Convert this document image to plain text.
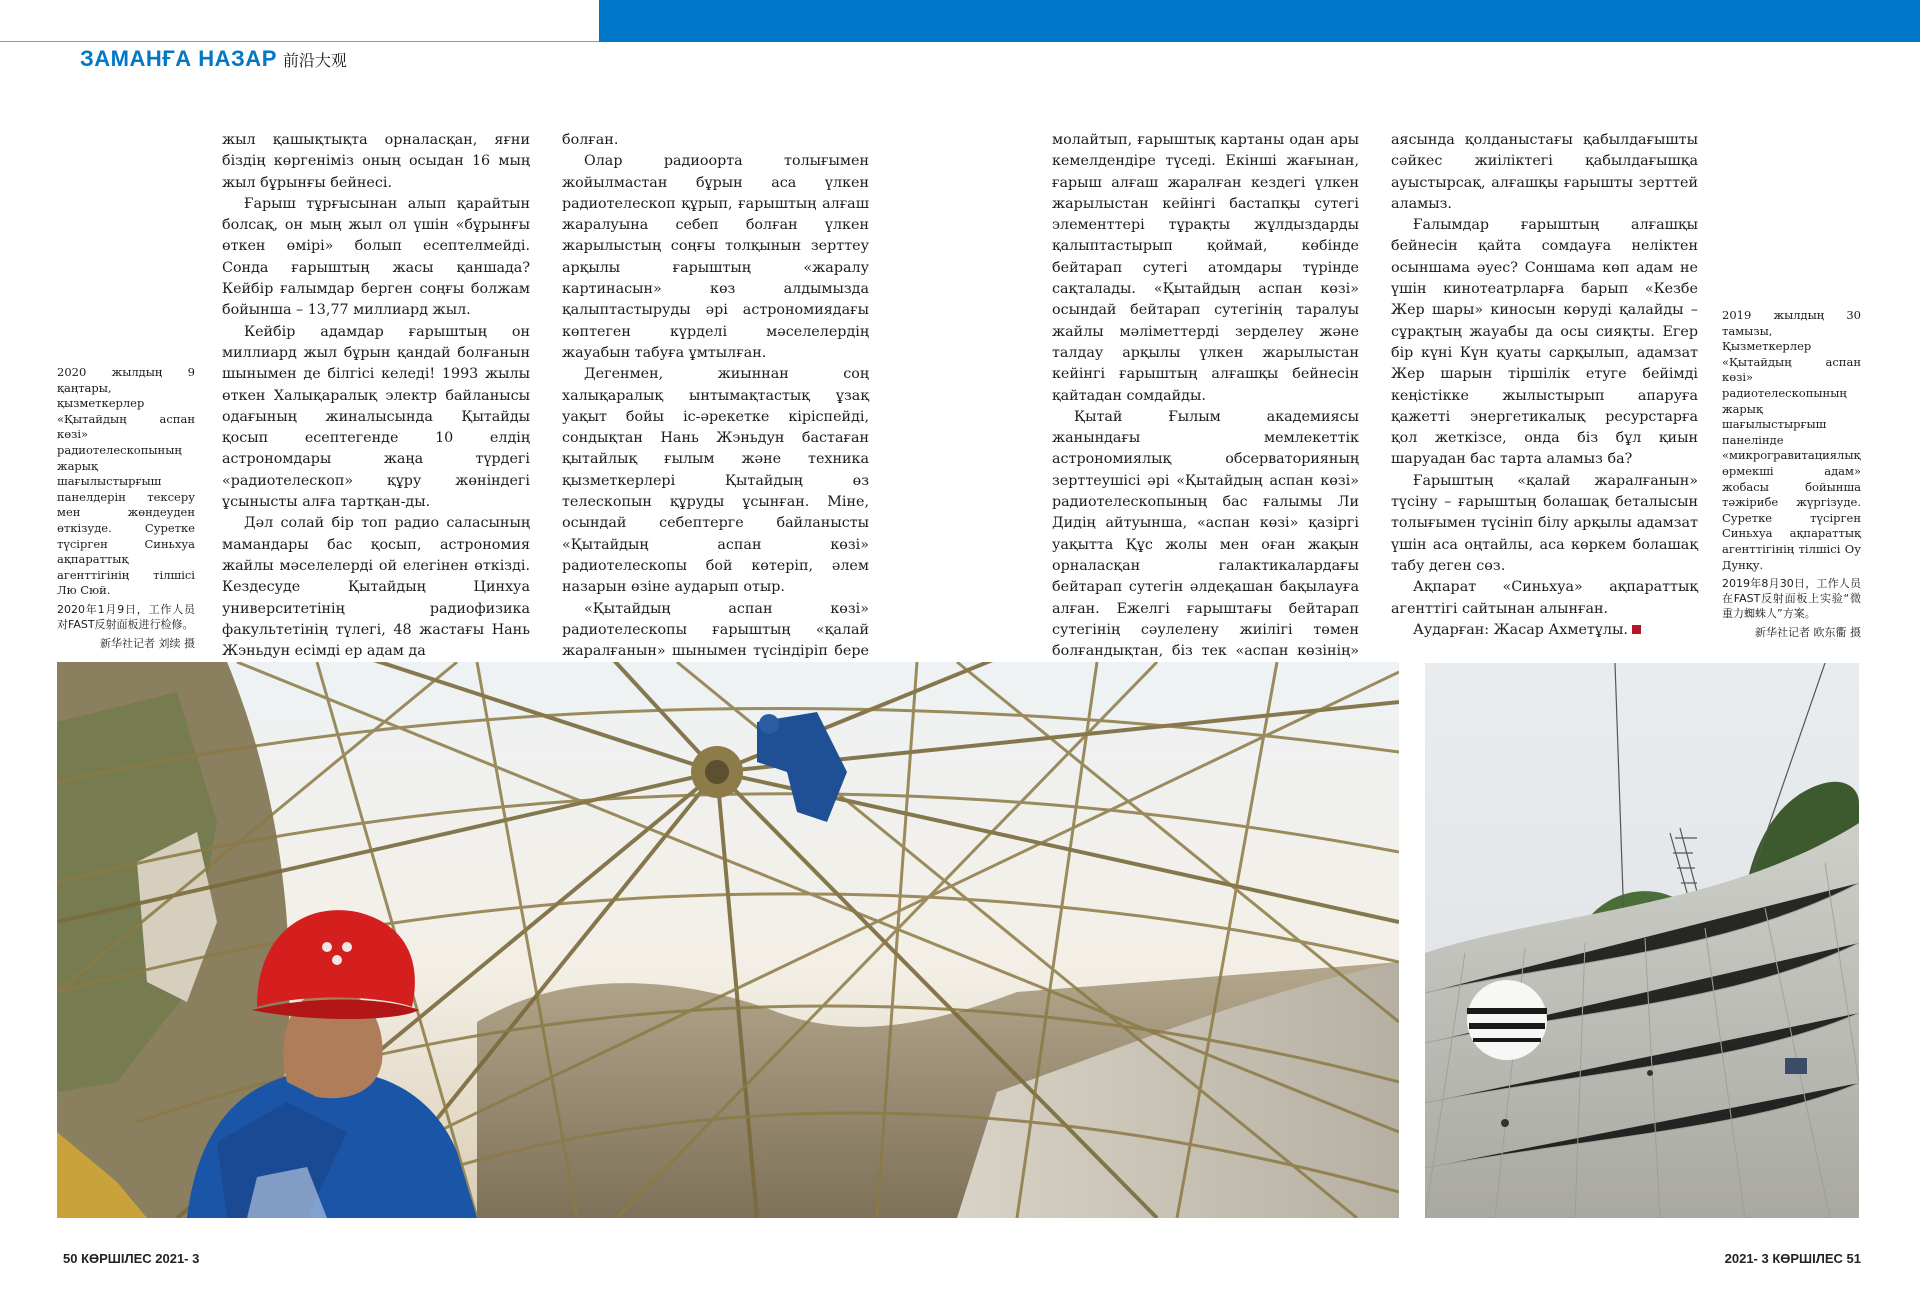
ЗАМАНҒА НАЗАР 前沿大观

2020 жылдың 9 қаңтары, қызметкерлер «Қытайдың аспан көзі» радиотелескопының жарық шағылыстырғыш панелдерін тексеру мен жөндеуден өткізуде. Суретке түсірген Синьхуа ақпараттық агенттігінің тілшісі Лю Сюй.

2020年1月9日，工作人员对FAST反射面板进行检修。

新华社记者 刘续 摄

жыл қашықтықта орналасқан, яғни біздің көргеніміз оның осыдан 16 мың жыл бұрынғы бейнесі.

Ғарыш тұрғысынан алып қарайтын болсақ, он мың жыл ол үшін «бұрынғы өткен өмірі» болып есептелмейді. Сонда ғарыштың жасы қаншада? Кейбір ғалымдар берген соңғы болжам бойынша – 13,77 миллиард жыл.

Кейбір адамдар ғарыштың он миллиард жыл бұрын қандай болғанын шынымен де білгісі келеді! 1993 жылы өткен Халықаралық электр байланысы одағының жиналысында Қытайды қосып есептегенде 10 елдің астрономдары жаңа түрдегі «радиотелескоп» құру жөніндегі ұсынысты алға тартқан-ды.

Дәл солай бір топ радио саласының мамандары бас қосып, астрономия жайлы мәселелерді ой елегінен өткізді. Кездесуде Қытайдың Цинхуа университетінің радиофизика факультетінің түлегі, 48 жастағы Нань Жэньдун есімді ер адам да

болған.

Олар радиоорта толығымен жойылмастан бұрын аса үлкен радиотелескоп құрып, ғарыштың алғаш жаралуына себеп болған үлкен жарылыстың соңғы толқынын зерттеу арқылы ғарыштың «жаралу картинасын» көз алдымызда қалыптастыруды әрі астрономиядағы көптеген күрделі мәселелердің жауабын табуға ұмтылған.

Дегенмен, жиыннан соң халықаралық ынтымақтастық ұзақ уақыт бойы іс-әрекетке кіріспейді, сондықтан Нань Жэньдун бастаған қытайлық ғылым және техника қызметкерлері Қытайдың өз телескопын құруды ұсынған. Міне, осындай себептерге байланысты «Қытайдың аспан көзі» радиотелескопы бой көтеріп, әлем назарын өзіне аударып отыр.

«Қытайдың аспан көзі» радиотелескопы ғарыштың «қалай жаралғанын» шынымен түсіндіріп бере

молайтып, ғарыштық картаны одан ары кемелдендіре түседі. Екінші жағынан, ғарыш алғаш жаралған кездегі үлкен жарылыстан кейінгі бастапқы сутегі элементтері тұрақты жұлдыздарды қалыптастырып қоймай, көбінде бейтарап сутегі атомдары түрінде сақталады. «Қытайдың аспан көзі» осындай бейтарап сутегінің таралуы жайлы мәліметтерді зерделеу және талдау арқылы үлкен жарылыстан кейінгі ғарыштың алғашқы бейнесін қайтадан сомдайды.

Қытай Ғылым академиясы жанындағы мемлекеттік астрономиялық обсерваторияның зерттеушісі әрі «Қытайдың аспан көзі» радиотелескопының бас ғалымы Ли Дидің айтуынша, «аспан көзі» қазіргі уақытта Құс жолы мен оған жақын орналасқан галактикалардағы бейтарап сутегін әлдеқашан бақылауға алған. Ежелгі ғарыштағы бейтарап сутегінің сәулелену жиілігі төмен болғандықтан, біз тек «аспан көзінің»

аясында қолданыстағы қабылдағышты сәйкес жиіліктегі қабылдағышқа ауыстырсақ, алғашқы ғарышты зерттей аламыз.

Ғалымдар ғарыштың алғашқы бейнесін қайта сомдауға неліктен осыншама әуес? Соншама көп адам не үшін кинотеатрларға барып «Кезбе Жер шары» киносын көруді қалайды – сұрақтың жауабы да осы сияқты. Егер бір күні Күн қуаты сарқылып, адамзат Жер шарын тіршілік етуге бейімді кеңістікке жылыстырып апаруға қажетті энергетикалық ресурстарға қол жеткізсе, онда біз бұл қиын шаруадан бас тарта аламыз ба?

Ғарыштың «қалай жаралғанын» түсіну – ғарыштың болашақ беталысын толығымен түсініп білу арқылы адамзат үшін аса оңтайлы, аса көркем болашақ табу деген сөз.

Ақпарат «Синьхуа» ақпараттық агенттігі сайтынан алынған.

Аударған: Жасар Ахметұлы.

2019 жылдың 30 тамызы, Қызметкерлер «Қытайдың аспан көзі» радиотелескопының жарық шағылыстырғыш панелінде «микрогравитациялық өрмекші адам» жобасы бойынша тәжірибе жүргізуде. Суретке түсірген Синьхуа ақпараттық агенттігінің тілшісі Оу Дунқу.

2019年8月30日，工作人员在FAST反射面板上实验“微重力蜘蛛人”方案。

新华社记者 欧东衢 摄

50 КӨРШІЛЕС 2021- 3	2021- 3 КӨРШІЛЕС 51
